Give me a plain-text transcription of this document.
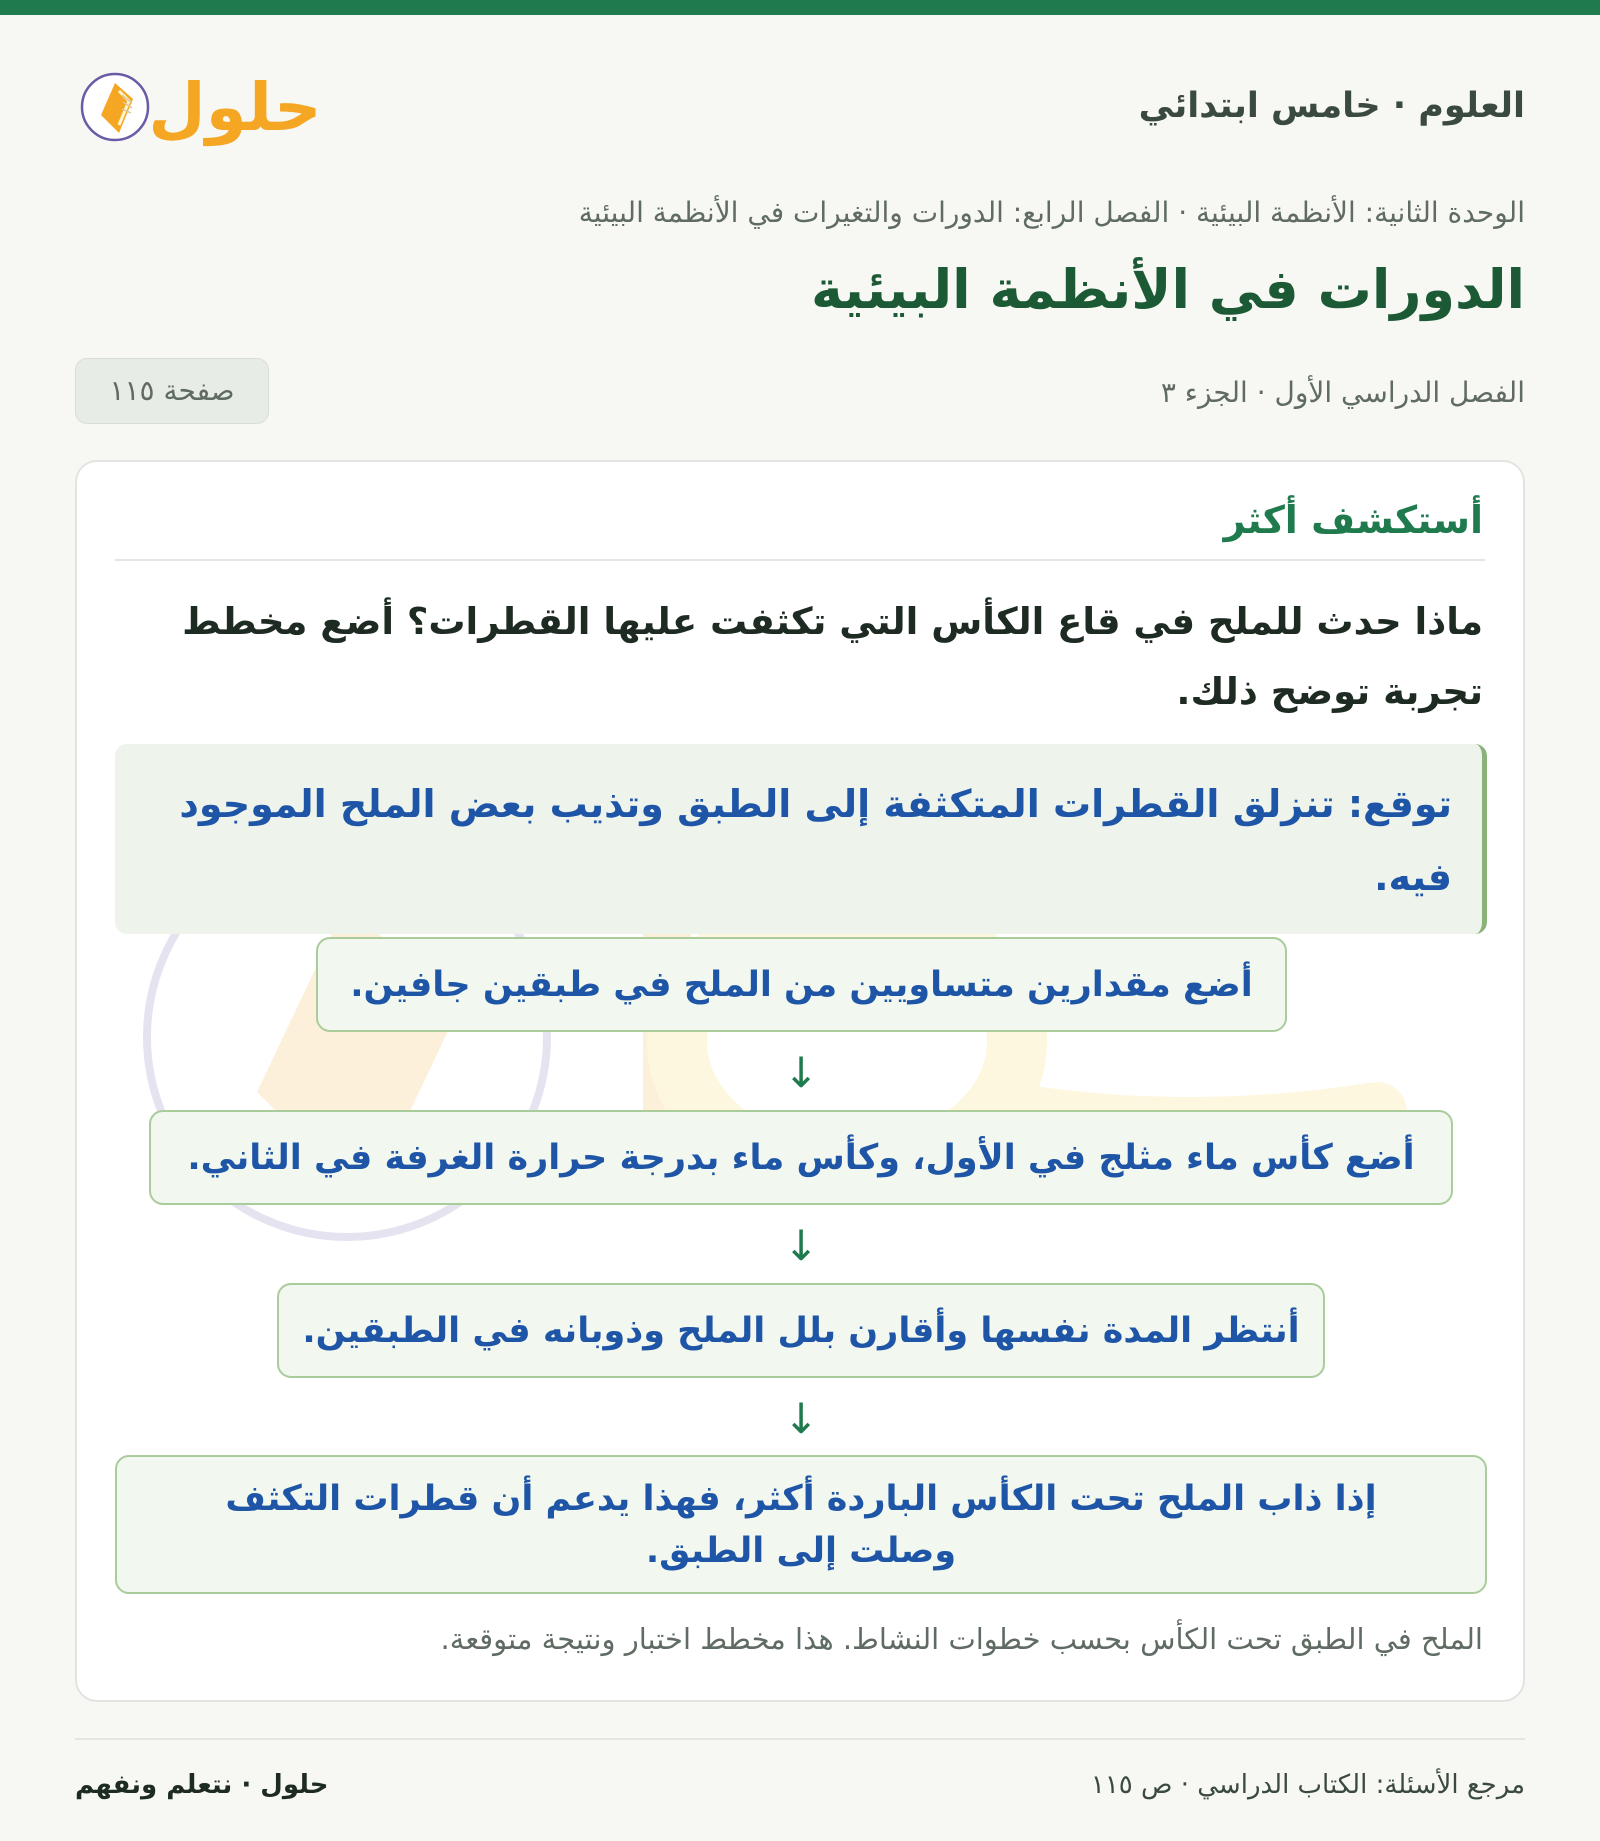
العلوم · خامس ابتدائي
حلول
الوحدة الثانية: الأنظمة البيئية · الفصل الرابع: الدورات والتغيرات في الأنظمة البيئية
الدورات في الأنظمة البيئية
الفصل الدراسي الأول · الجزء ٣
صفحة ١١٥
أستكشف أكثر
ماذا حدث للملح في قاع الكأس التي تكثفت عليها القطرات؟ أضع مخطط تجربة توضح ذلك.
توقع: تنزلق القطرات المتكثفة إلى الطبق وتذيب بعض الملح الموجود فيه.
أضع مقدارين متساويين من الملح في طبقين جافين.
↓
أضع كأس ماء مثلج في الأول، وكأس ماء بدرجة حرارة الغرفة في الثاني.
↓
أنتظر المدة نفسها وأقارن بلل الملح وذوبانه في الطبقين.
↓
إذا ذاب الملح تحت الكأس الباردة أكثر، فهذا يدعم أن قطرات التكثف وصلت إلى الطبق.
الملح في الطبق تحت الكأس بحسب خطوات النشاط. هذا مخطط اختبار ونتيجة متوقعة.
مرجع الأسئلة: الكتاب الدراسي · ص ١١٥
حلول · نتعلم ونفهم
